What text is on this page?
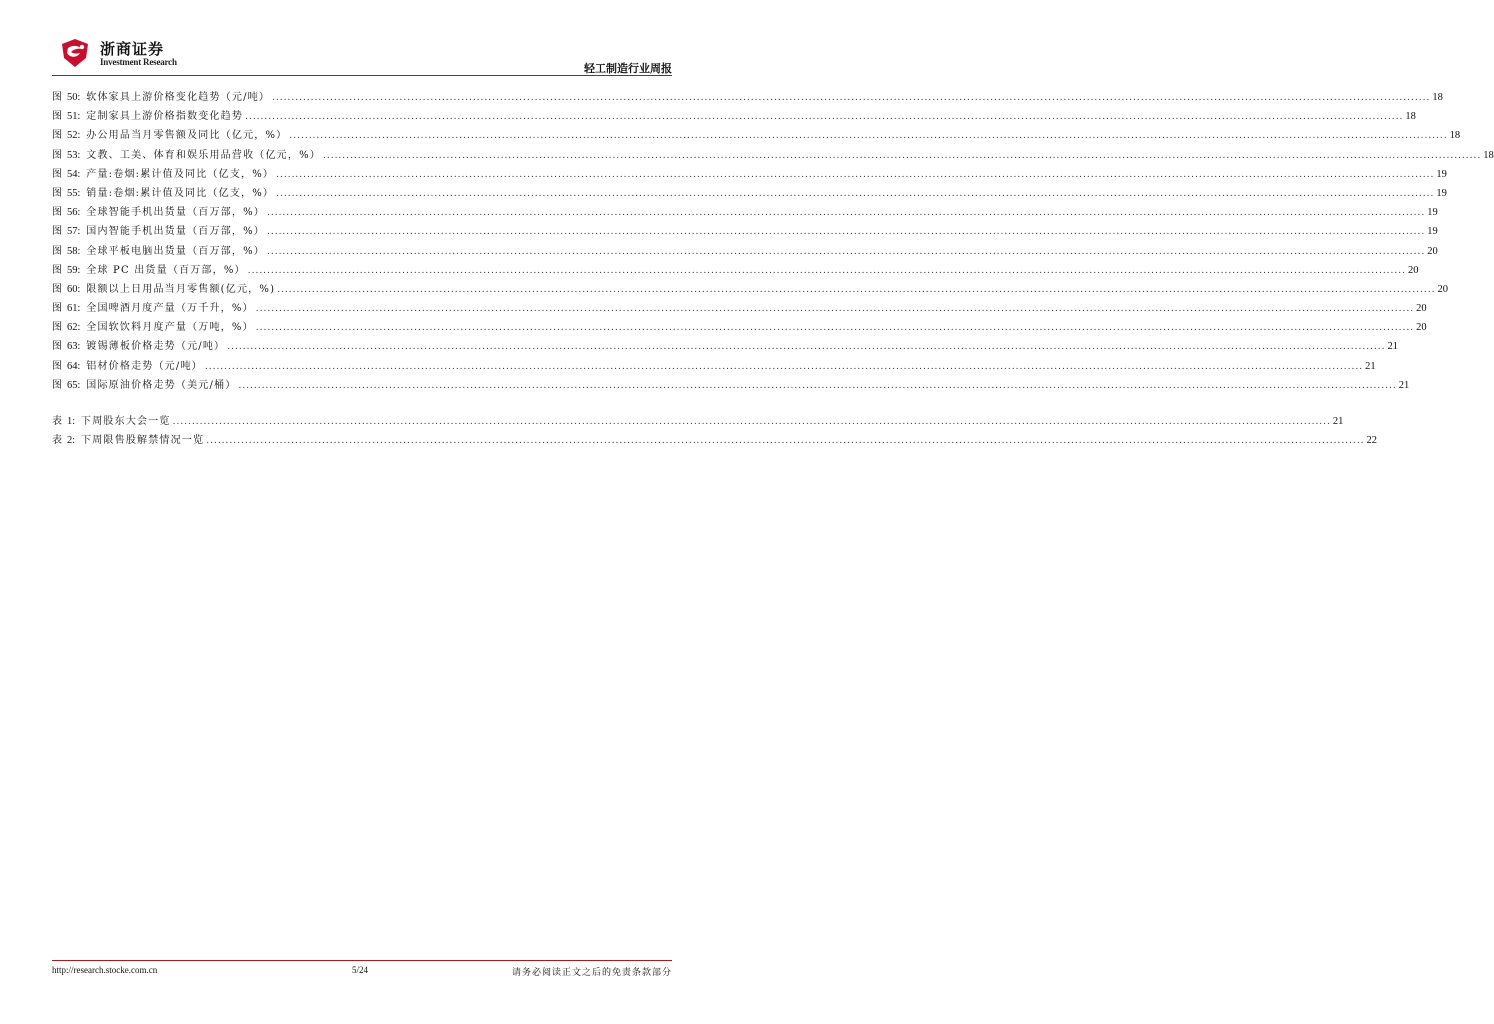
浙商证券
Investment Research	轻工制造行业周报
图 50 : 软体家具上游价格变化趋势（元/吨） ............................................................................................................................................................................................................................................................................................................ 18
图 51 : 定制家具上游价格指数变化趋势 ............................................................................................................................................................................................................................................................................................................ 18
图 52 : 办公用品当月零售额及同比（亿元，%） ............................................................................................................................................................................................................................................................................................................ 18
图 53 : 文教、工美、体育和娱乐用品营收（亿元，%） ............................................................................................................................................................................................................................................................................................................ 18
图 54 : 产量:卷烟:累计值及同比（亿支，%） ............................................................................................................................................................................................................................................................................................................ 19
图 55 : 销量:卷烟:累计值及同比（亿支，%） ............................................................................................................................................................................................................................................................................................................ 19
图 56 : 全球智能手机出货量（百万部，%） ............................................................................................................................................................................................................................................................................................................ 19
图 57 : 国内智能手机出货量（百万部，%） ............................................................................................................................................................................................................................................................................................................ 19
图 58 : 全球平板电脑出货量（百万部，%） ............................................................................................................................................................................................................................................................................................................ 20
图 59 : 全球 PC 出货量（百万部，%） ............................................................................................................................................................................................................................................................................................................ 20
图 60 : 限额以上日用品当月零售额(亿元，%) ............................................................................................................................................................................................................................................................................................................ 20
图 61 : 全国啤酒月度产量（万千升，%） ............................................................................................................................................................................................................................................................................................................ 20
图 62 : 全国软饮料月度产量（万吨，%） ............................................................................................................................................................................................................................................................................................................ 20
图 63 : 镀锡薄板价格走势（元/吨） ............................................................................................................................................................................................................................................................................................................ 21
图 64 : 铝材价格走势（元/吨） ............................................................................................................................................................................................................................................................................................................ 21
图 65 : 国际原油价格走势（美元/桶） ............................................................................................................................................................................................................................................................................................................ 21
表 1 : 下周股东大会一览 ............................................................................................................................................................................................................................................................................................................ 21
表 2 : 下周限售股解禁情况一览 ............................................................................................................................................................................................................................................................................................................ 22
http://research.stocke.com.cn	5/24	请务必阅读正文之后的免责条款部分
